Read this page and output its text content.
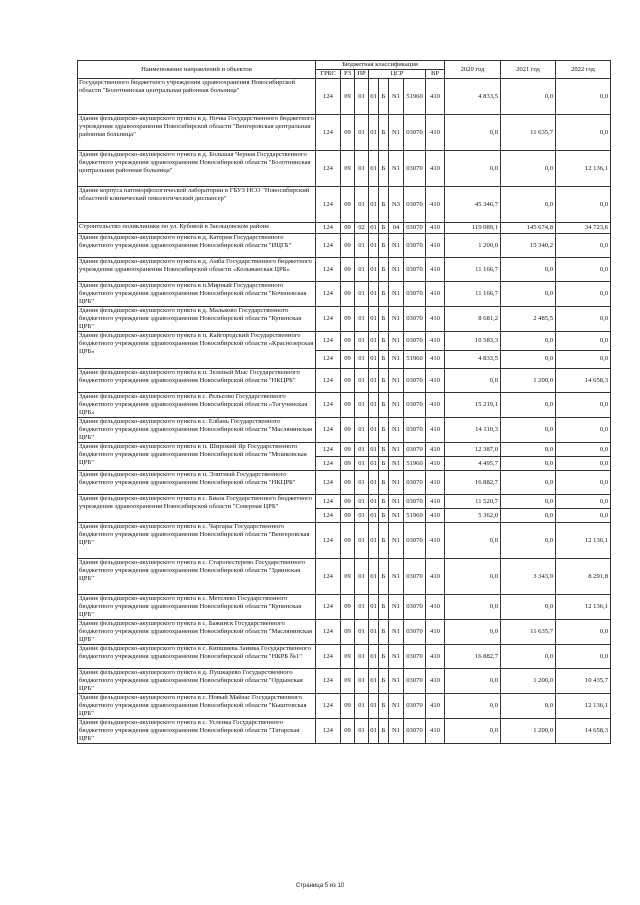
Наименование направлений и объектов	Бюджетная классификация								2020 год	2021 год	2022 год
	ГРБС	РЗ	ПР	ЦСР				ВР			
Государственного бюджетного учреждения здравоохранения Новосибирской области "Болотнинская центральная районная больница"	124	09	01	01	Б	N1	51960	410	4 833,5	0,0	0,0
Здание фельдшерско-акушерского пункта в д. Ночка Государственного бюджетного учреждения здравоохранения Новосибирской области "Венгеровская центральная районная больница"	124	09	01	01	Б	N1	03070	410	0,0	11 635,7	0,0
Здание фельдшерско-акушерского пункта в д. Большая Черная Государственного бюджетного учреждения здравоохранения Новосибирской области "Болотнинская центральная районная больница"	124	09	01	01	Б	N1	03070	410	0,0	0,0	12 136,1
Здание корпуса патоморфологической лаборатории в ГБУЗ НСО "Новосибирский областной клинический онкологический диспансер"	124	09	01	01	Б	N3	03070	410	45 346,7	0,0	0,0
Строительство поликлиники по ул. Кубовой в Заельцовском районе	124	09	02	01	Б	04	03070	410	119 089,1	145 674,8	34 723,6
Здание фельдшерско-акушерского пункта в д. Катерня Государственного бюджетного учреждения здравоохранения Новосибирской области "ИЦГБ"	124	09	01	01	Б	N1	03070	410	1 200,0	15 340,2	0,0
Здание фельдшерско-акушерского пункта в д. Амба Государственного бюджетного учреждения здравоохранения Новосибирской области «Колыванская ЦРБ»	124	09	01	01	Б	N1	03070	410	11 166,7	0,0	0,0
Здание фельдшерско-акушерского пункта в п.Мирный Государственного бюджетного учреждения здравоохранения Новосибирской области "Коченевская ЦРБ"	124	09	01	01	Б	N1	03070	410	11 166,7	0,0	0,0
Здание фельдшерско-акушерского пункта в д. Мальково Государственного бюджетного учреждения здравоохранения Новосибирской области "Купинская ЦРБ"	124	09	01	01	Б	N1	03070	410	8 681,2	2 485,5	0,0
Здание фельдшерско-акушерского пункта в п. Кайгородский Государственного бюджетного учреждения здравоохранения Новосибирской области «Краснозерская ЦРБ»	124	09	01	01	Б	N1	03070	410	10 583,3	0,0	0,0
	124	09	01	01	Б	N1	51960	410	4 833,5	0,0	0,0
Здание фельдшерско-акушерского пункта в п. Зеленый Мыс Государственного бюджетного учреждения здравоохранения Новосибирской области "НКЦРБ"	124	09	01	01	Б	N1	03070	410	0,0	1 200,0	14 658,3
Здание фельдшерско-акушерского пункта в с. Рельсово Государственного бюджетного учреждения здравоохранения Новосибирской области «Тогучинская ЦРБ»	124	09	01	01	Б	N1	03070	410	15 219,1	0,0	0,0
Здание фельдшерско-акушерского пункта в с. Елбань Государственного бюджетного учреждения здравоохранения Новосибирской области "Маслянинская ЦРБ"	124	09	01	01	Б	N1	03070	410	14 110,3	0,0	0,0
Здание фельдшерско-акушерского пункта в п. Широкий Яр Государственного бюджетного учреждения здравоохранения Новосибирской области "Мошковская ЦРБ"	124	09	01	01	Б	N1	03070	410	12 387,0	0,0	0,0
	124	09	01	01	Б	N1	51960	410	4 495,7	0,0	0,0
Здание фельдшерско-акушерского пункта в п. Элитный Государственного бюджетного учреждения здравоохранения Новосибирской области "НКЦРБ"	124	09	01	01	Б	N1	03070	410	16 882,7	0,0	0,0
Здание фельдшерско-акушерского пункта в с. Биаза Государственного бюджетного учреждения здравоохранения Новосибирской области "Северная ЦРБ"	124	09	01	01	Б	N1	03070	410	11 520,7	0,0	0,0
	124	09	01	01	Б	N1	51960	410	5 362,0	0,0	0,0
Здание фельдшерско-акушерского пункта в с. Чаргары Государственного бюджетного учреждения здравоохранения Новосибирской области "Венгеровская ЦРБ"	124	09	01	01	Б	N1	03070	410	0,0	0,0	12 136,1
Здание фельдшерско-акушерского пункта в с. Старопестерево Государственного бюджетного учреждения здравоохранения Новосибирской области "Здвинская ЦРБ"	124	09	01	01	Б	N1	03070	410	0,0	3 343,9	8 291,8
Здание фельдшерско-акушерского пункта в с. Метелево Государственного бюджетного учреждения здравоохранения Новосибирской области "Купинская ЦРБ"	124	09	01	01	Б	N1	03070	410	0,0	0,0	12 136,1
Здание фельдшерско-акушерского пункта в с. Бажинск Государственного бюджетного учреждения здравоохранения Новосибирской области "Маслянинская ЦРБ"	124	09	01	01	Б	N1	03070	410	0,0	11 635,7	0,0
Здание фельдшерско-акушерского пункта в с. Кипшиева Заимка Государственного бюджетного учреждения здравоохранения Новосибирской области "НКРБ №1"	124	09	01	01	Б	N1	03070	410	16 882,7	0,0	0,0
Здание фельдшерско-акушерского пункта в д. Пушкарево Государственного бюджетного учреждения здравоохранения Новосибирской области "Ордынская ЦРБ"	124	09	01	01	Б	N1	03070	410	0,0	1 200,0	10 435,7
Здание фельдшерско-акушерского пункта в с. Новый Майзас Государственного бюджетного учреждения здравоохранения Новосибирской области "Кыштовская ЦРБ"	124	09	01	01	Б	N1	03070	410	0,0	0,0	12 136,1
Здание фельдшерско-акушерского пункта в с. Усленка Государственного бюджетного учреждения здравоохранения Новосибирской области "Татарская ЦРБ"	124	09	01	01	Б	N1	03070	410	0,0	1 200,0	14 658,3
Страница 5 из 10
